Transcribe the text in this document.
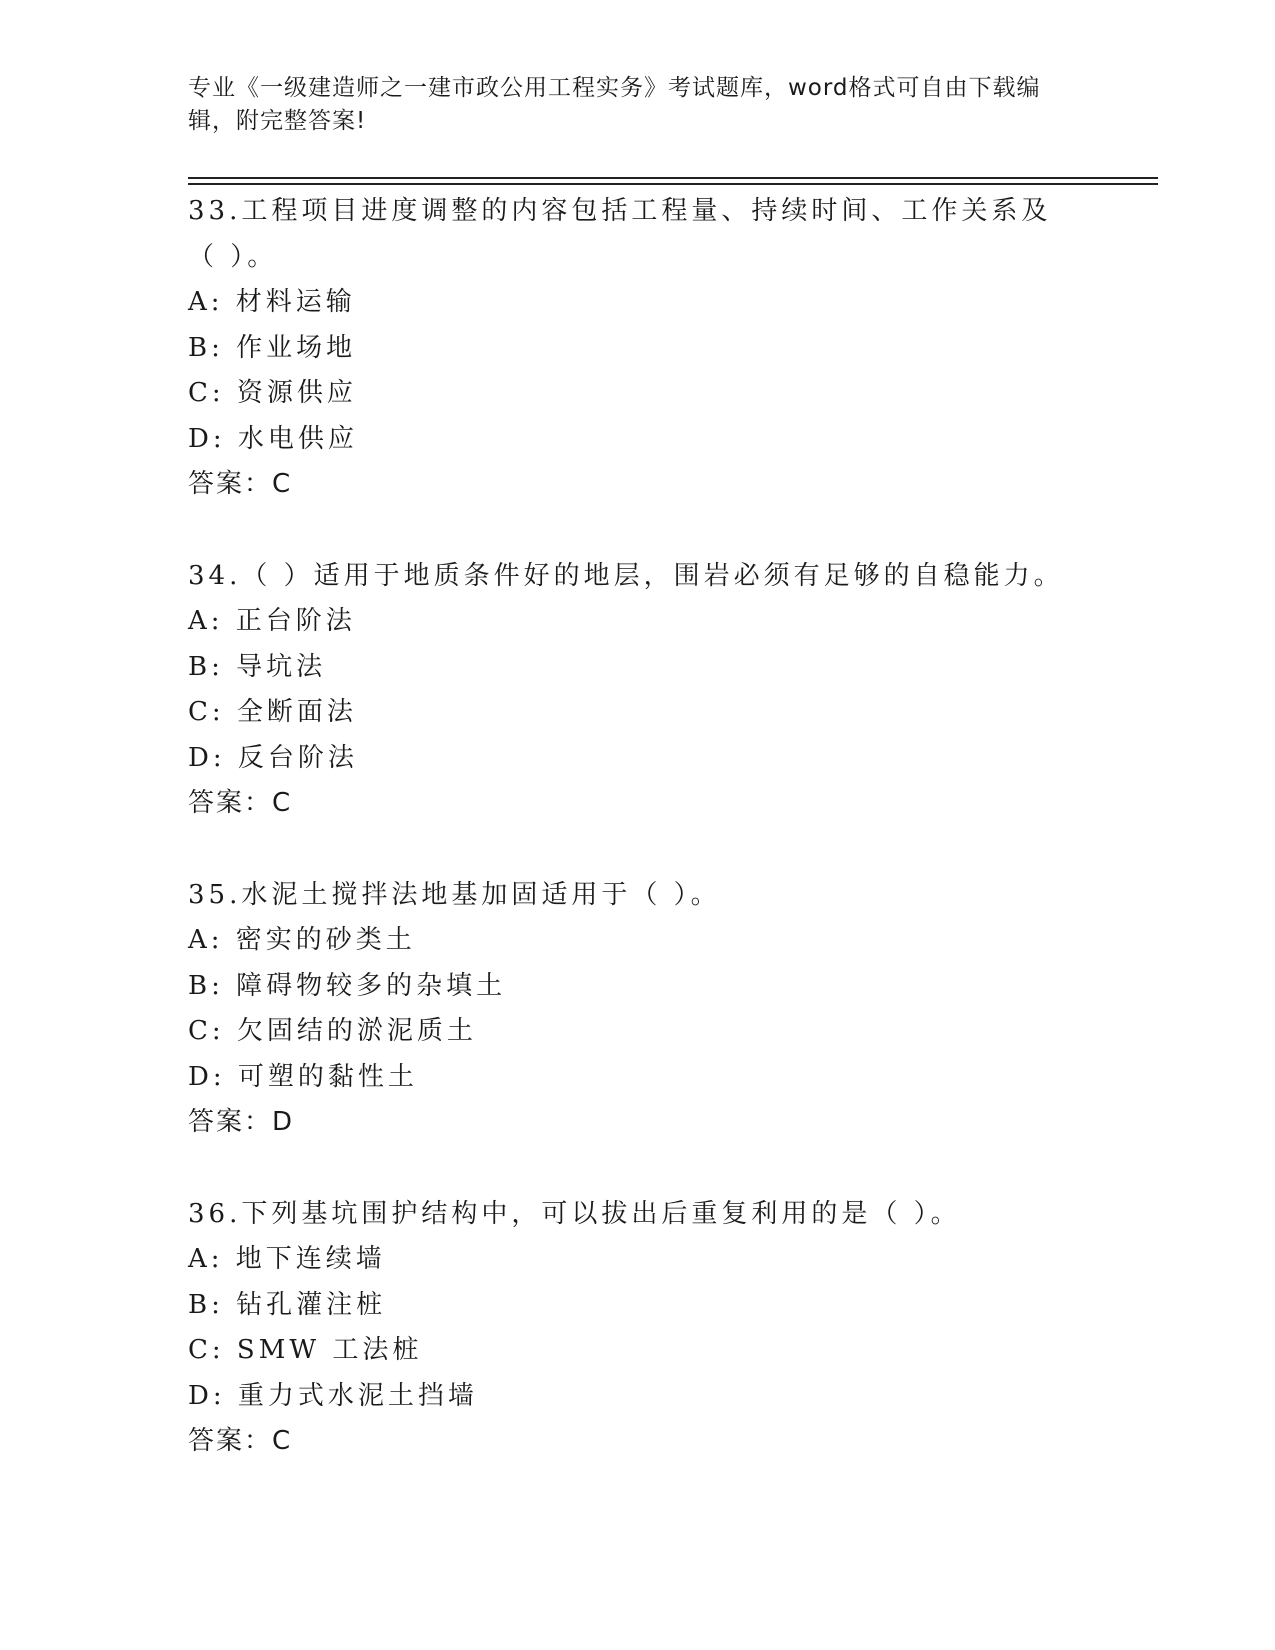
专业《一级建造师之一建市政公用工程实务》考试题库，word格式可自由下载编辑，附完整答案!
33.工程项目进度调整的内容包括工程量、持续时间、工作关系及（ ）。
A: 材料运输
B: 作业场地
C: 资源供应
D: 水电供应
答案：C
34.（ ）适用于地质条件好的地层，围岩必须有足够的自稳能力。
A: 正台阶法
B: 导坑法
C: 全断面法
D: 反台阶法
答案：C
35.水泥土搅拌法地基加固适用于（ ）。
A: 密实的砂类土
B: 障碍物较多的杂填土
C: 欠固结的淤泥质土
D: 可塑的黏性土
答案：D
36.下列基坑围护结构中，可以拔出后重复利用的是（ ）。
A: 地下连续墙
B: 钻孔灌注桩
C: SMW 工法桩
D: 重力式水泥土挡墙
答案：C
